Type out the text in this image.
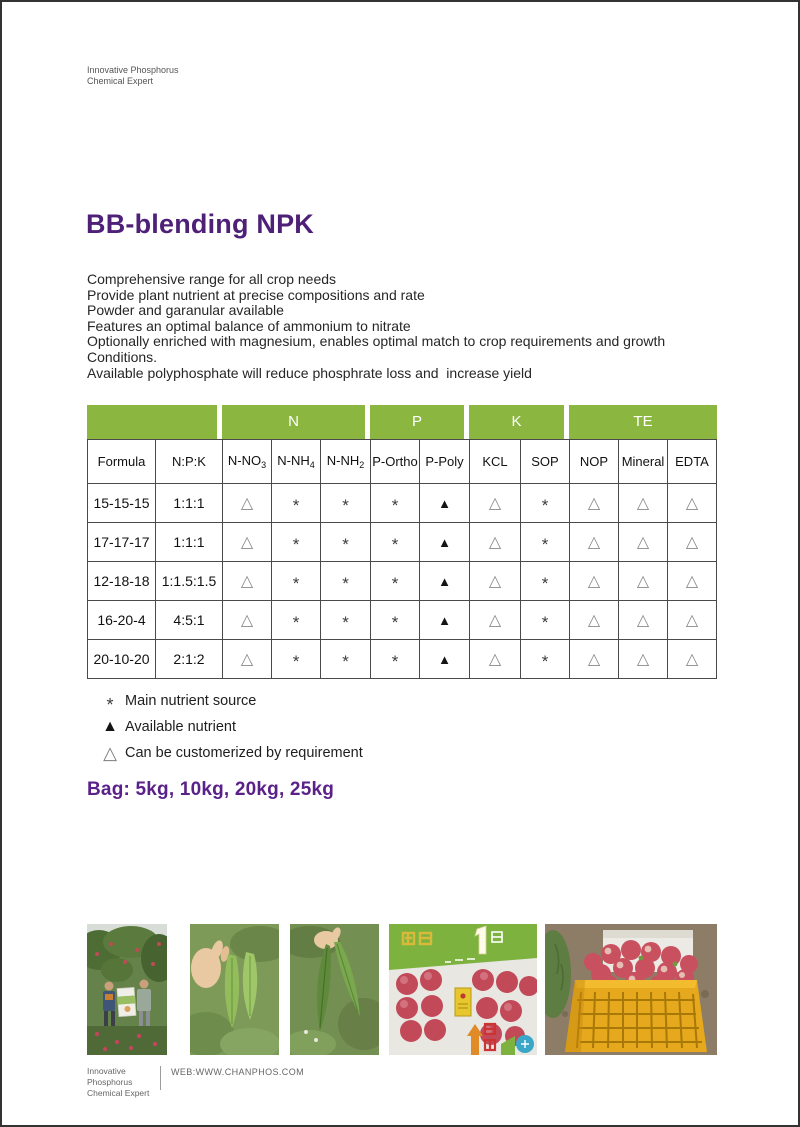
Innovative Phosphorus
Chemical Expert
BB-blending NPK
Comprehensive range for all crop needs
Provide plant nutrient at precise compositions and rate
Powder and garanular available
Features an optimal balance of ammonium to nitrate
Optionally enriched with magnesium, enables optimal match to crop requirements and growth
Conditions.
Available polyphosphate will reduce phosphrate loss and  increase yield
N	P	K	TE
Formula	N:P:K	$N-NO_3$	$N-NH_4$	$N-NH_2$	P-Ortho	P-Poly	KCL	SOP	NOP	Mineral	EDTA
15-15-15	1:1:1	△	*	*	*	▲	△	*	△	△	△
17-17-17	1:1:1	△	*	*	*	▲	△	*	△	△	△
12-18-18	1:1.5:1.5	△	*	*	*	▲	△	*	△	△	△
16-20-4	4:5:1	△	*	*	*	▲	△	*	△	△	△
20-10-20	2:1:2	△	*	*	*	▲	△	*	△	△	△
* Main nutrient source
▲ Available nutrient
△ Can be customerized by requirement
Bag: 5kg, 10kg, 20kg, 25kg
Innovative Phosphorus
Chemical Expert
WEB:WWW.CHANPHOS.COM
